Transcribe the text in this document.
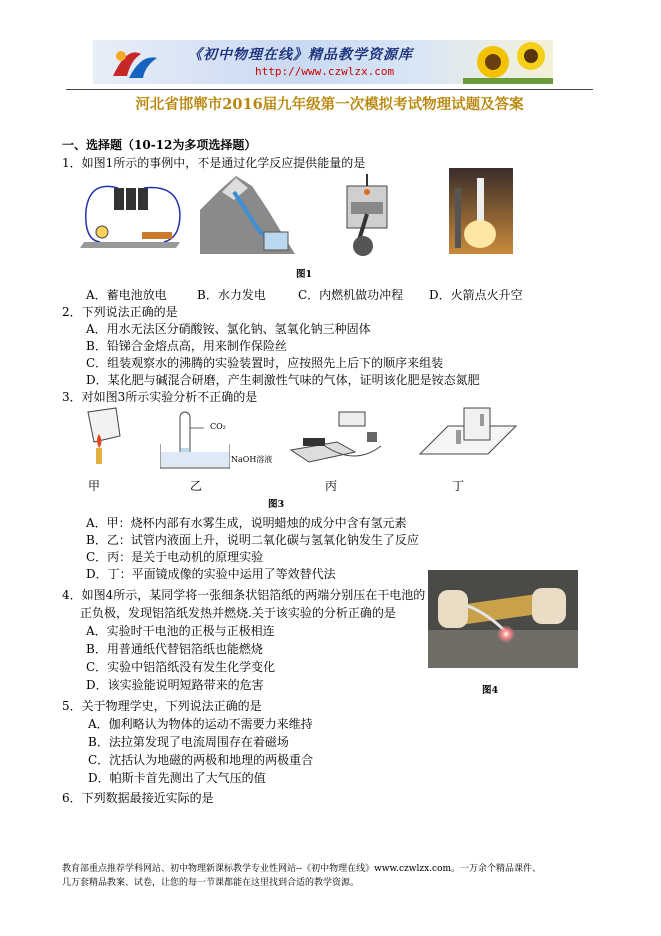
《初中物理在线》精品教学资源库
http://www.czwlzx.com
河北省邯郸市2016届九年级第一次模拟考试物理试题及答案
一、选择题（10-12为多项选择题）
1．如图1所示的事例中，不是通过化学反应提供能量的是
图1
A．蓄电池放电	B．水力发电	C．内燃机做功冲程 D．火箭点火升空
2．下列说法正确的是
A．用水无法区分硝酸铵、氯化钠、氢氧化钠三种固体
B．铅锑合金熔点高，用来制作保险丝
C．组装观察水的沸腾的实验装置时，应按照先上后下的顺序来组装
D．某化肥与碱混合研磨，产生刺激性气味的气体，证明该化肥是铵态氮肥
3．对如图3所示实验分析不正确的是
CO₂
NaOH溶液
甲	乙	丙	丁
图3
A．甲：烧杯内部有水雾生成，说明蜡烛的成分中含有氢元素
B．乙：试管内液面上升，说明二氧化碳与氢氧化钠发生了反应
C．丙：是关于电动机的原理实验
D．丁：平面镜成像的实验中运用了等效替代法
4．如图4所示，某同学将一张细条状铝箔纸的两端分别压在干电池的
正负极，发现铝箔纸发热并燃烧.关于该实验的分析正确的是
A．实验时干电池的正极与正极相连
B．用普通纸代替铝箔纸也能燃烧
C．实验中铝箔纸没有发生化学变化
D．该实验能说明短路带来的危害	图4
5．关于物理学史，下列说法正确的是
A．伽利略认为物体的运动不需要力来维持
B．法拉第发现了电流周围存在着磁场
C．沈括认为地磁的两极和地理的两极重合
D．帕斯卡首先测出了大气压的值
6．下列数据最接近实际的是
教育部重点推荐学科网站、初中物理新课标教学专业性网站--《初中物理在线》www.czwlzx.com。一万余个精品课件、
几万套精品教案、试卷，让您的每一节课都能在这里找到合适的教学资源。
